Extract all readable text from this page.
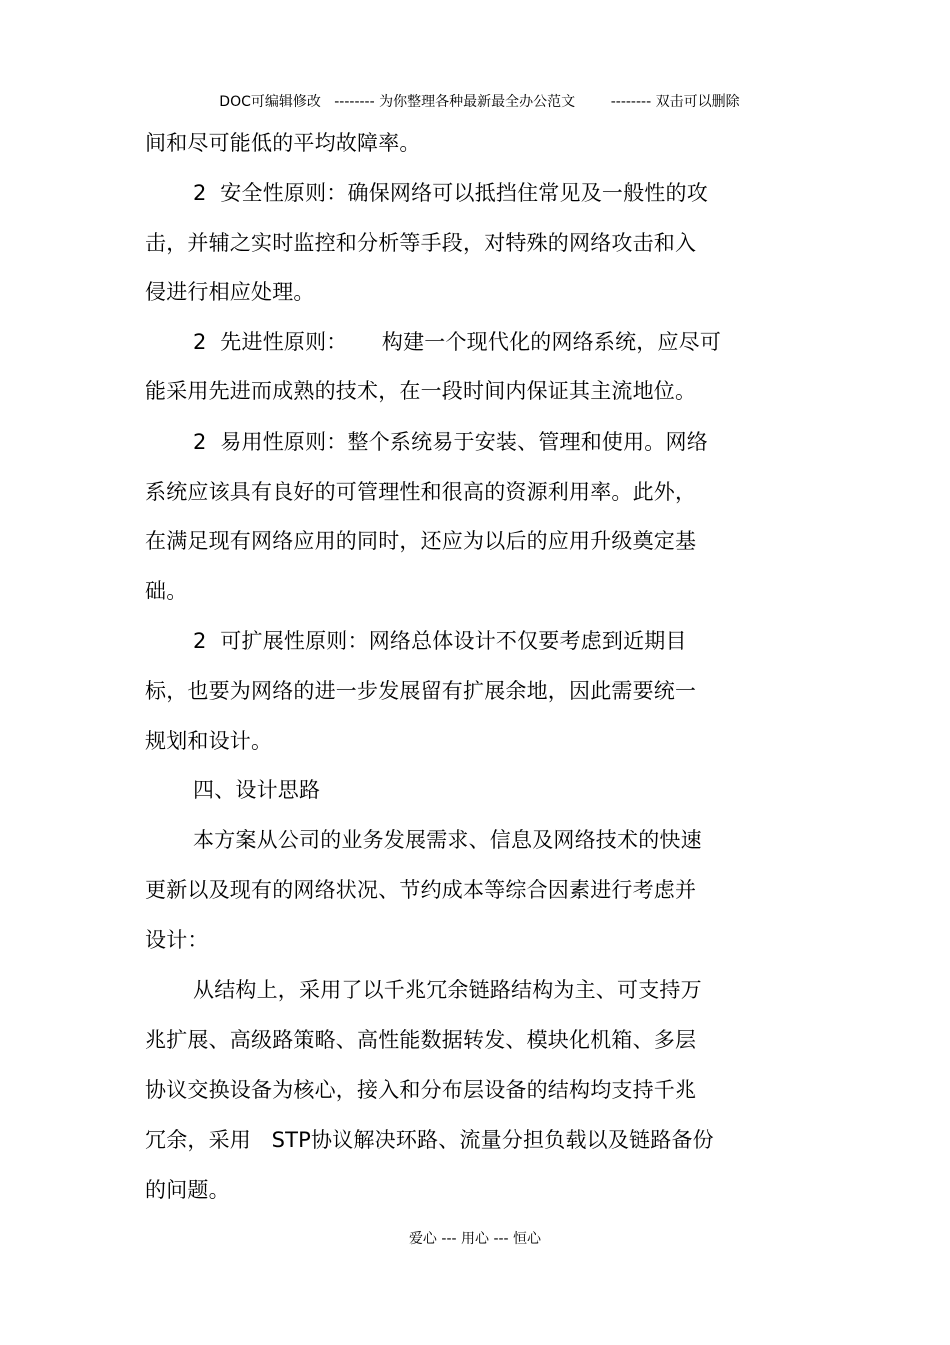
DOC可编辑修改 -------- 为你整理各种最新最全办公范文	-------- 双击可以删除

间和尽可能低的平均故障率。
2  安全性原则：确保网络可以抵挡住常见及一般性的攻
击，并辅之实时监控和分析等手段，对特殊的网络攻击和入
侵进行相应处理。
2  先进性原则：     构建一个现代化的网络系统，应尽可
能采用先进而成熟的技术，在一段时间内保证其主流地位。
2  易用性原则：整个系统易于安装、管理和使用。网络
系统应该具有良好的可管理性和很高的资源利用率。此外，
在满足现有网络应用的同时，还应为以后的应用升级奠定基
础。
2  可扩展性原则：网络总体设计不仅要考虑到近期目
标，也要为网络的进一步发展留有扩展余地，因此需要统一
规划和设计。
四、设计思路
本方案从公司的业务发展需求、信息及网络技术的快速
更新以及现有的网络状况、节约成本等综合因素进行考虑并
设计：
从结构上，采用了以千兆冗余链路结构为主、可支持万
兆扩展、高级路策略、高性能数据转发、模块化机箱、多层
协议交换设备为核心，接入和分布层设备的结构均支持千兆
冗余，采用   STP协议解决环路、流量分担负载以及链路备份
的问题。
爱心 --- 用心 --- 恒心
